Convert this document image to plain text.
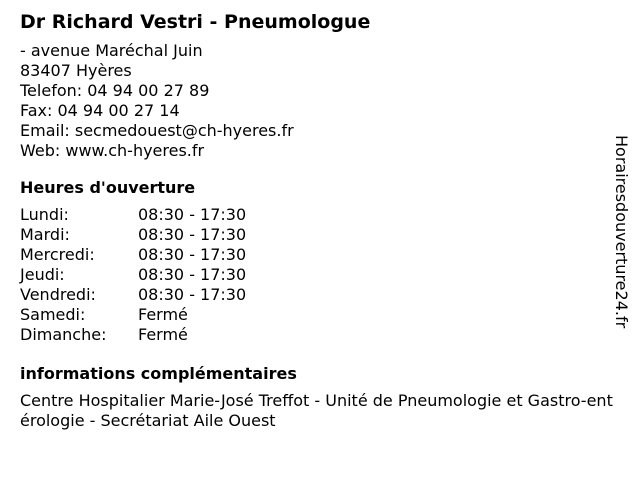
Dr Richard Vestri - Pneumologue
- avenue Maréchal Juin
83407 Hyères
Telefon: 04 94 00 27 89
Fax: 04 94 00 27 14
Email: secmedouest@ch-hyeres.fr
Web: www.ch-hyeres.fr
Heures d'ouverture
Lundi:	08:30 - 17:30
Mardi:	08:30 - 17:30
Mercredi:	08:30 - 17:30
Jeudi:	08:30 - 17:30
Vendredi:	08:30 - 17:30
Samedi:	Fermé
Dimanche:	Fermé
informations complémentaires
Centre Hospitalier Marie-José Treffot - Unité de Pneumologie et Gastro-entérologie - Secrétariat Aile Ouest
Horairesdouverture24.fr
